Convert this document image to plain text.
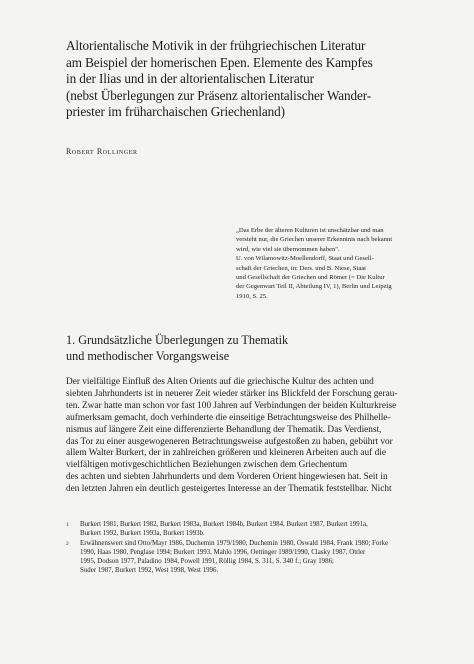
Altorientalische Motivik in der frühgriechischen Literatur
am Beispiel der homerischen Epen. Elemente des Kampfes
in der Ilias und in der altorientalischen Literatur
(nebst Überlegungen zur Präsenz altorientalischer Wander-
priester im früharchaischen Griechenland)
Robert Rollinger
„Das Erbe der älteren Kulturen ist unschätzbar und man
versteht nur, die Griechen unserer Erkenntnis nach bekannt
wird, wie viel sie übernommen haben".
U. von Wilamowitz-Moellendorff, Staat und Gesell-
schaft der Griechen, in: Ders. und B. Niese, Staat
und Gesellschaft der Griechen und Römer (= Die Kultur
der Gegenwart Teil II, Abteilung IV, 1), Berlin und Leipzig
1910, S. 25.
1. Grundsätzliche Überlegungen zu Thematik
und methodischer Vorgangsweise
Der vielfältige Einfluß des Alten Orients auf die griechische Kultur des achten und
siebten Jahrhunderts ist in neuerer Zeit wieder stärker ins Blickfeld der Forschung gerau-
ten. Zwar hatte man schon vor fast 100 Jahren auf Verbindungen der beiden Kulturkreise
aufmerksam gemacht, doch verhinderte die einseitige Betrachtungsweise des Philhelle-
nismus auf längere Zeit eine differenzierte Behandlung der Thematik. Das Verdienst,
das Tor zu einer ausgewogeneren Betrachtungsweise aufgestoßen zu haben, gebührt vor
allem Walter Burkert, der in zahlreichen größeren und kleineren Arbeiten auch auf die
vielfältigen motivgeschichtlichen Beziehungen zwischen dem Griechentum
des achten und siebten Jahrhunderts und dem Vorderen Orient hingewiesen hat. Seit in
den letzten Jahren ein deutlich gesteigertes Interesse an der Thematik feststellbar. Nicht
1 Burkert 1981, Burkert 1982, Burkert 1983a, Burkert 1984b, Burkert 1984, Burkert 1987, Burkert 1991a,
Burkert 1992, Burkert 1993a, Burkert 1993b.
2 Erwähnenswert sind Otto/Mayr 1986, Duchemin 1979/1980, Duchemin 1980, Oswald 1984, Frank 1980; Forke
1990, Haas 1980, Penglase 1994; Burkert 1993, Mahlo 1996, Oettinger 1989/1990, Clasky 1987, Ottler
1995, Dodson 1977, Paladino 1984, Powell 1991, Röllig 1984, S. 311, S. 340 f.; Gray 1986;
Suder 1987, Burkert 1992, West 1998, West 1996.
